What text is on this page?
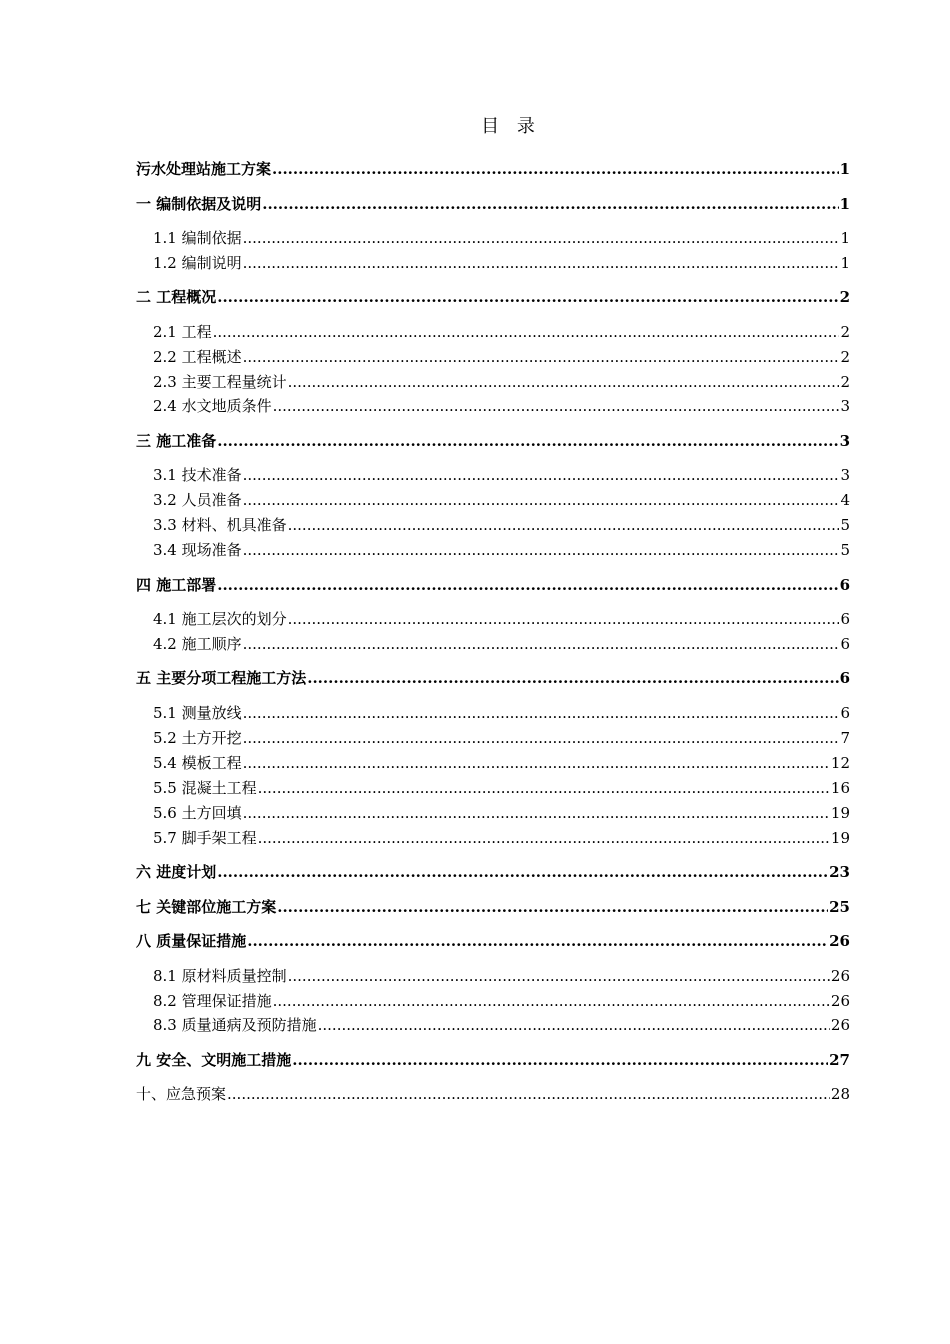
目 录
污水处理站施工方案 .....	1
一 编制依据及说明 .....	1
1.1 编制依据 .....	1
1.2 编制说明 .....	1
二 工程概况 .....	2
2.1 工程 .....	2
2.2 工程概述 .....	2
2.3 主要工程量统计 .....	2
2.4 水文地质条件 .....	3
三 施工准备 .....	3
3.1 技术准备 .....	3
3.2 人员准备 .....	4
3.3 材料、机具准备 .....	5
3.4 现场准备 .....	5
四 施工部署 .....	6
4.1 施工层次的划分 .....	6
4.2 施工顺序 .....	6
五 主要分项工程施工方法 .....	6
5.1 测量放线 .....	6
5.2 土方开挖 .....	7
5.4 模板工程 .....	12
5.5 混凝土工程 .....	16
5.6 土方回填 .....	19
5.7 脚手架工程 .....	19
六 进度计划 .....	23
七 关键部位施工方案 .....	25
八 质量保证措施 .....	26
8.1 原材料质量控制 .....	26
8.2 管理保证措施 .....	26
8.3 质量通病及预防措施 .....	26
九 安全、文明施工措施 .....	27
十、应急预案 .....	28
